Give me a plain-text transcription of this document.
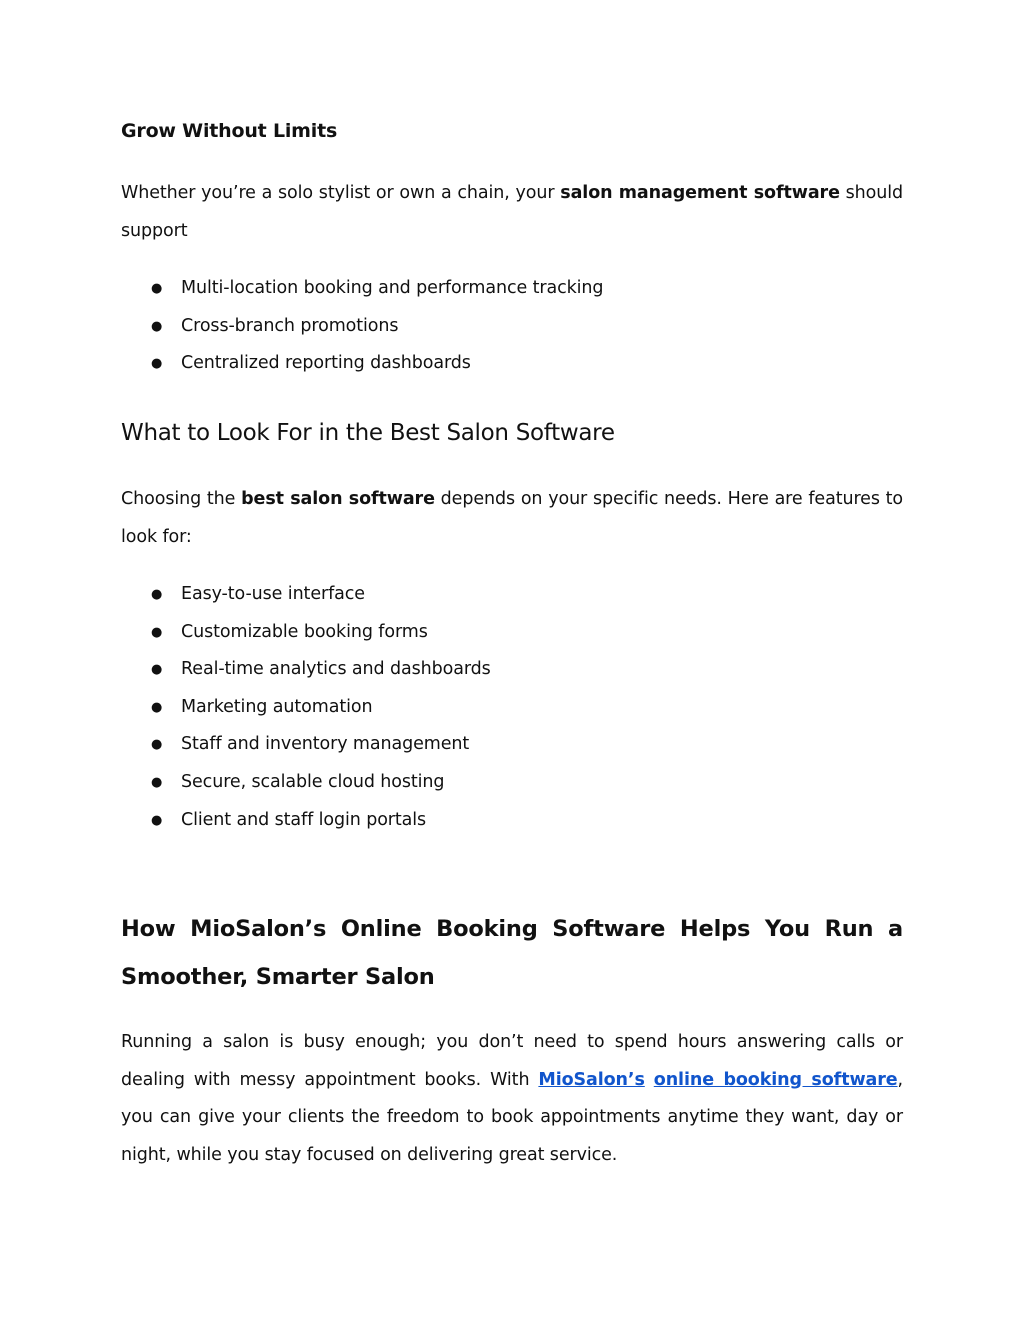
Grow Without Limits

Whether you’re a solo stylist or own a chain, your salon management software should support

● Multi-location booking and performance tracking
● Cross-branch promotions
● Centralized reporting dashboards
What to Look For in the Best Salon Software

Choosing the best salon software depends on your specific needs. Here are features to look for:

● Easy-to-use interface
● Customizable booking forms
● Real-time analytics and dashboards
● Marketing automation
● Staff and inventory management
● Secure, scalable cloud hosting
● Client and staff login portals
How MioSalon’s Online Booking Software Helps You Run a Smoother, Smarter Salon

Running a salon is busy enough; you don’t need to spend hours answering calls or dealing with messy appointment books. With MioSalon’s online booking software, you can give your clients the freedom to book appointments anytime they want, day or night, while you stay focused on delivering great service.
